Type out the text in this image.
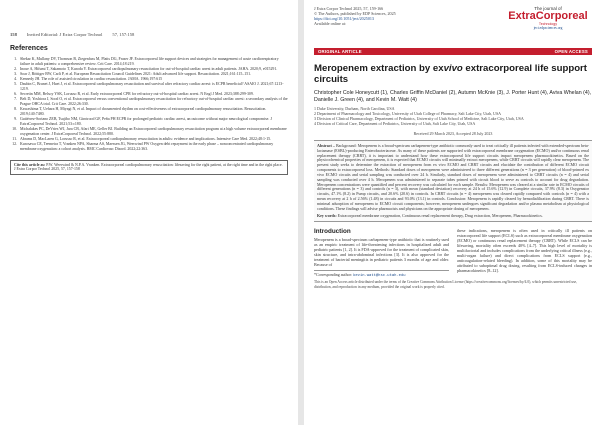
158 Invited Editorial: J Extra Corpor Technol 57, 157:158
References
1. Shekar K, Mullany DV, Thomson B, Ziegenfuss M, Platts DG, Fraser JF. Extracorporeal life support devices and strategies for management of acute cardiorespiratory failure in adult patients: a comprehensive review. Crit Care. 2014;18:219.
2. Inoue A, Hifumi T, Sakamoto T, Kuroda Y. Extracorporeal cardiopulmonary resuscitation for out-of-hospital cardiac arrest in adult patients. JAHA. 2020;9, e015291.
3. Soar J, Böttiger BW, Carli P, et al. European Resuscitation Council Guidelines 2021: Adult advanced life support. Resuscitation. 2021;161:115–151.
4. Kennedy JH. The role of assisted circulation in cardiac resuscitation. JAMA. 1966;197:615
5. Daubin C, Brunet J, Huet J, et al. Extracorporeal cardiopulmonary resuscitation and survival after refractory cardiac arrest: is ECPR beneficial? ASAIO J. 2021;67:1213-1219.
6. Secretin MM, Belsoy YSK, Lorusso R, et al. Early extracorporeal CPR for refractory out-of-hospital cardiac arrest. N Engl J Med. 2023;388:299-309.
7. Belt D, Yoshiora J, Sood O, et al. Extracorporeal versus conventional cardiopulmonary resuscitation for refractory out-of-hospital cardiac arrest: a secondary analysis of the Prague OHCA trial. Crit Care. 2022;26:330.
8. Kawashima T, Uehara H, Miyagi N, et al. Impact of documented rhythm on cost-effectiveness of extracorporeal cardiopulmonary resuscitation. Resuscitation. 2019;140:7480.
9. Gutiérrez-Soriano ZEB, Tsujibo NM, Girotrood GF, Peña PH ECPR for prolonged pediatric cardiac arrest, an outcome without major neurological compromise. J ExtraCorporeal Technol. 2021;53:c180.
10. Michalakes PC, DeVries WJ, Jara CB, Afari ME, Geller BJ. Building an Extracorporeal cardiopulmonary resuscitation program at a high volume extracorporeal membrane oxygenation center. J ExtraCorporeal Technol. 2022;55:880.
11. Abrams D, MacLaren G, Lorusso R, et al. Extracorporeal cardiopulmonary resuscitation in adults: evidence and implications. Intensive Care Med. 2022;48:1-15.
12. Kurosawa CE, Teemeira T, Vranken NPA, Sharma AS, Maessen JG, Weerwind PW Oxygen debt repayment in the early phase – nonconcentrated cardiopulmonary membrane oxygenation: a cohort analysis. BMC Cardiovasc Disord. 2022;22:363.
Cite this article as: P.W. Weerwind & N.P.A. Vranken. Extracorporeal cardiopulmonary resuscitation: lifesaving for the right patient, at the right time and in the right place. J Extra Corpor Technol 2025, 57, 157-158
J Extra Corpor Technol 2025, 57, 159-166
© The Authors, published by EDP Sciences, 2025
https://doi.org/10.1051/ject/2025013
Available online at:
The journal of
ExtraCorporeal
Technology
ject.edpsciences.org
ORIGINAL ARTICLE	OPEN ACCESS
Meropenem extraction by exvivo extracorporeal life support circuits
Christopher Cole Honeycutt (1), Charles Griffin McDaniel (2), Autumn McKnie (3), J. Porter Hunt (4), Aviva Whelan (4), Danielle J. Green (4), and Kevin M. Watt (4)
1 Duke University, Durham, North Carolina, USA
2 Department of Pharmacology and Toxicology, University of Utah College of Pharmacy, Salt Lake City, Utah, USA
3 Division of Clinical Pharmacology, Department of Pediatrics, University of Utah School of Medicine, Salt Lake City, Utah, USA
4 Division of Critical Care, Department of Pediatrics, University of Utah, Salt Lake City, Utah, USA
Received 29 March 2023, Accepted 28 July 2023
Abstract – Background: Meropenem is a broad-spectrum carbapenem-type antibiotic commonly used to treat critically ill patients infected with extended-spectrum beta-lactamase (ESBL)-producing Enterobacteriaceae. As many of these patients are supported with extracorporeal membrane oxygenation (ECMO) and/or continuous renal replacement therapy (CRRT), it is important to understand how these extracorporeal life support circuits impact meropenem pharmacokinetics. Based on the physicochemical properties of meropenem, it is expected that ECMO circuits will minimally extract meropenem, while CRRT circuits will rapidly clear meropenem. The present study seeks to determine the extraction of meropenem from ex vivo ECMO and CRRT circuits and elucidate the contribution of different ECMO circuit components to extracorporeal loss. Methods: Standard doses of meropenem were administered to three different generations (n = 3 per generation) of blood-primed ex vivo ECMO circuits and serial sampling was conducted over 24 h. Similarly, standard doses of meropenem were administered to CRRT circuits (n = 4) and serial sampling was conducted over 4 h. Meropenem was administered to separate tubes primed with circuit blood to serve as controls to account for drug degradation. Meropenem concentrations were quantified and percent recovery was calculated for each sample. Results: Meropenem was cleared at a similar rate in ECMO circuits of different generations (n = 3) and controls (n = 3), with mean (standard deviation) recovery at 24 h of 15.6% (12.9) in Complete circuits, 37.9% (8.3) in Oxygenator circuits, 47.1% (8.2) in Pump circuits, and 20.6% (20.6) in controls. In CRRT circuits (n = 4) meropenem was cleared rapidly compared with controls (n = 4) with a mean recovery at 2 h of 2.56% (1.48) in circuits and 93.0% (13.1) in controls. Conclusion: Meropenem is rapidly cleared by hemodiafiltration during CRRT. There is minimal adsorption of meropenem to ECMO circuit components; however, meropenem undergoes significant degradation and/or plasma metabolism at physiological conditions. These findings will advise pharmacists and physicians on the appropriate dosing of meropenem.
Key words: Extracorporeal membrane oxygenation, Continuous renal replacement therapy, Drug extraction, Meropenem, Pharmacokinetics.
Introduction
Meropenem is a broad-spectrum carbapenem-type antibiotic that is routinely used as an empiric treatment of life-threatening infections in hospitalized adult and pediatric patients [1, 2]. It is FDA-approved for the treatment of complicated skin, skin structure, and intra-abdominal infections [3]. It is also approved for the treatment of bacterial meningitis in pediatric patients 3 months of age and older. Because of
*Corresponding author: kevin.watt@hsc.utah.edu
these indications, meropenem is often used in critically ill patients on extracorporeal life support (ECLS) such as extracorporeal membrane oxygenation (ECMO) or continuous renal replacement therapy (CRRT). While ECLS can be lifesaving, mortality often exceeds 40% [4–7]. This high level of mortality is multifactorial and includes complications from the underlying critical illness (e.g., multi-organ failure) and direct complications from ECLS support (e.g., anticoagulation-related bleeding). In addition, some of this mortality may be attributed to suboptimal drug dosing, resulting from ECLS-induced changes in pharmacokinetics [8–12].
This is an Open Access article distributed under the terms of the Creative Commons Attribution License (https://creativecommons.org/licenses/by/4.0), which permits unrestricted use, distribution, and reproduction in any medium, provided the original work is properly cited.
